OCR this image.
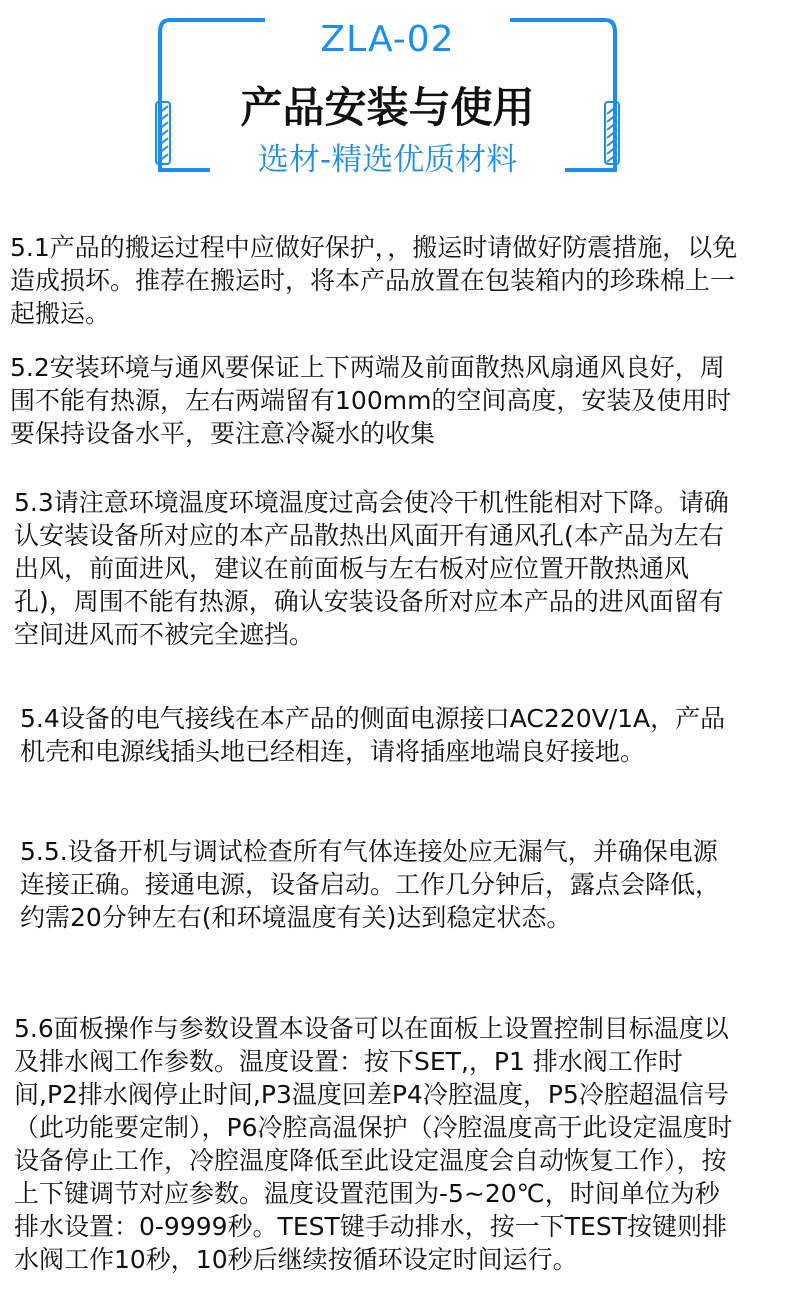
ZLA-02
产品安装与使用
选材-精选优质材料

5.1产品的搬运过程中应做好保护，，搬运时请做好防震措施，以免造成损坏。推荐在搬运时，将本产品放置在包装箱内的珍珠棉上一起搬运。

5.2安装环境与通风要保证上下两端及前面散热风扇通风良好，周围不能有热源，左右两端留有100mm的空间高度，安装及使用时要保持设备水平，要注意冷凝水的收集

5.3请注意环境温度环境温度过高会使冷干机性能相对下降。请确认安装设备所对应的本产品散热出风面开有通风孔(本产品为左右出风，前面进风，建议在前面板与左右板对应位置开散热通风孔)，周围不能有热源，确认安装设备所对应本产品的进风面留有空间进风而不被完全遮挡。

5.4设备的电气接线在本产品的侧面电源接口AC220V/1A，产品机壳和电源线插头地已经相连，请将插座地端良好接地。

5.5.设备开机与调试检查所有气体连接处应无漏气，并确保电源连接正确。接通电源，设备启动。工作几分钟后，露点会降低，约需20分钟左右(和环境温度有关)达到稳定状态。

5.6面板操作与参数设置本设备可以在面板上设置控制目标温度以及排水阀工作参数。温度设置：按下SET,，P1 排水阀工作时间,P2排水阀停止时间,P3温度回差P4冷腔温度，P5冷腔超温信号（此功能要定制），P6冷腔高温保护（冷腔温度高于此设定温度时设备停止工作，冷腔温度降低至此设定温度会自动恢复工作），按上下键调节对应参数。温度设置范围为-5~20℃，时间单位为秒排水设置：0-9999秒。TEST键手动排水，按一下TEST按键则排水阀工作10秒，10秒后继续按循环设定时间运行。
